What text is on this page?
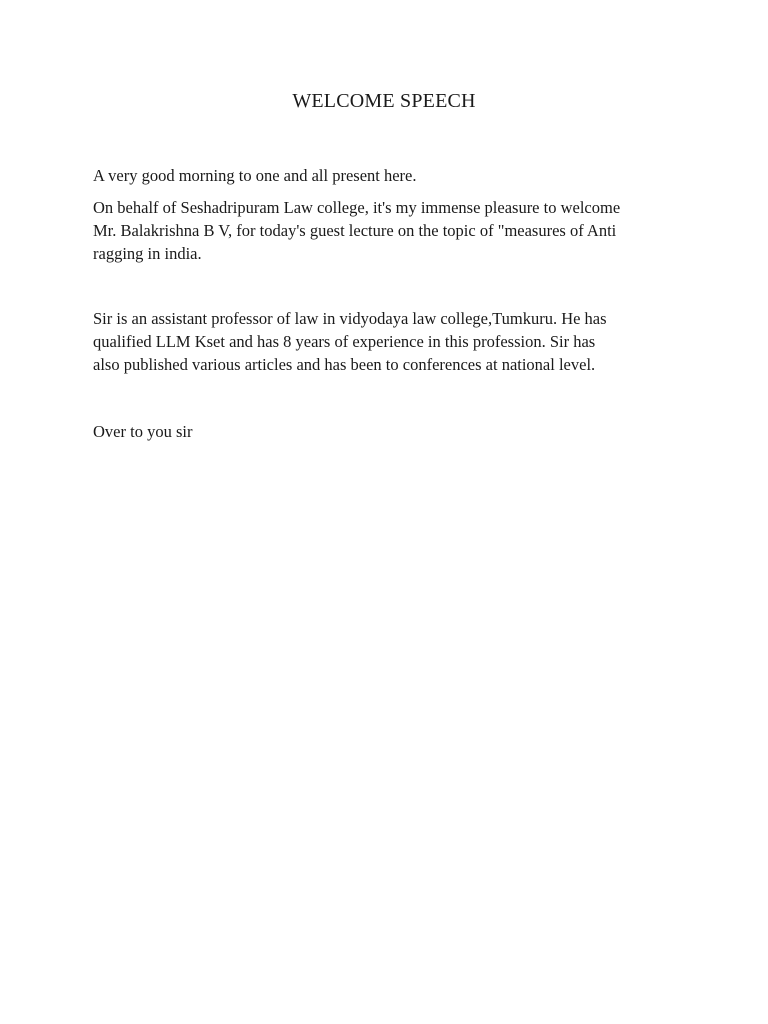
WELCOME SPEECH

A very good morning to one and all present here.

On behalf of Seshadripuram Law college, it's my immense pleasure to welcome
Mr. Balakrishna B V, for today's guest lecture on the topic of "measures of Anti
ragging in india.

Sir is an assistant professor of law in vidyodaya law college,Tumkuru. He has
qualified LLM Kset and has 8 years of experience in this profession. Sir has
also published various articles and has been to conferences at national level.

Over to you sir
